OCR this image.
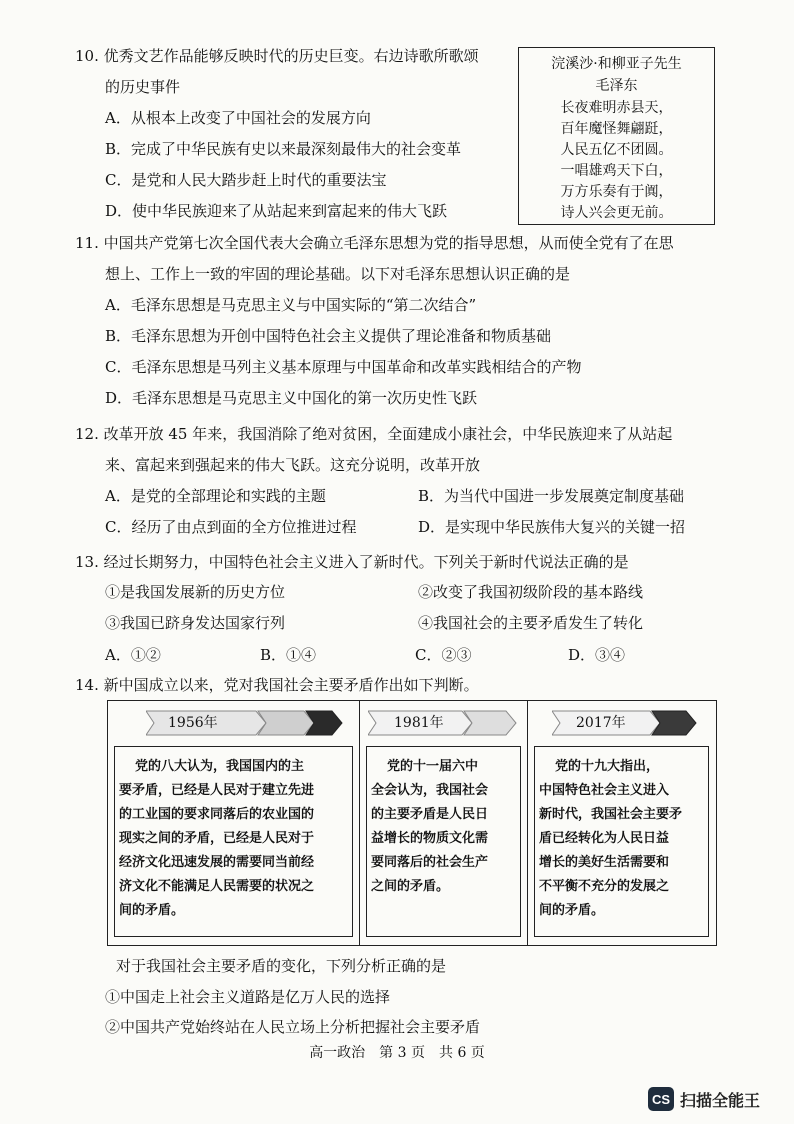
10. 优秀文艺作品能够反映时代的历史巨变。右边诗歌所歌颂
的历史事件
A．从根本上改变了中国社会的发展方向
B．完成了中华民族有史以来最深刻最伟大的社会变革
C．是党和人民大踏步赶上时代的重要法宝
D．使中华民族迎来了从站起来到富起来的伟大飞跃
浣溪沙·和柳亚子先生
毛泽东
长夜难明赤县天，
百年魔怪舞翩跹，
人民五亿不团圆。
一唱雄鸡天下白，
万方乐奏有于阗，
诗人兴会更无前。
11. 中国共产党第七次全国代表大会确立毛泽东思想为党的指导思想，从而使全党有了在思
想上、工作上一致的牢固的理论基础。以下对毛泽东思想认识正确的是
A．毛泽东思想是马克思主义与中国实际的“第二次结合”
B．毛泽东思想为开创中国特色社会主义提供了理论准备和物质基础
C．毛泽东思想是马列主义基本原理与中国革命和改革实践相结合的产物
D．毛泽东思想是马克思主义中国化的第一次历史性飞跃
12. 改革开放 45 年来，我国消除了绝对贫困，全面建成小康社会，中华民族迎来了从站起
来、富起来到强起来的伟大飞跃。这充分说明，改革开放
A．是党的全部理论和实践的主题	B．为当代中国进一步发展奠定制度基础
C．经历了由点到面的全方位推进过程	D．是实现中华民族伟大复兴的关键一招
13. 经过长期努力，中国特色社会主义进入了新时代。下列关于新时代说法正确的是
①是我国发展新的历史方位	②改变了我国初级阶段的基本路线
③我国已跻身发达国家行列	④我国社会的主要矛盾发生了转化
A．①②	B．①④	C．②③	D．③④
14. 新中国成立以来，党对我国社会主要矛盾作出如下判断。
1956年
党的八大认为，我国国内的主
要矛盾，已经是人民对于建立先进
的工业国的要求同落后的农业国的
现实之间的矛盾，已经是人民对于
经济文化迅速发展的需要同当前经
济文化不能满足人民需要的状况之
间的矛盾。
1981年
党的十一届六中
全会认为，我国社会
的主要矛盾是人民日
益增长的物质文化需
要同落后的社会生产
之间的矛盾。
2017年
党的十九大指出，
中国特色社会主义进入
新时代，我国社会主要矛
盾已经转化为人民日益
增长的美好生活需要和
不平衡不充分的发展之
间的矛盾。
对于我国社会主要矛盾的变化，下列分析正确的是
①中国走上社会主义道路是亿万人民的选择
②中国共产党始终站在人民立场上分析把握社会主要矛盾
高一政治　第 3 页　共 6 页
CS 扫描全能王
